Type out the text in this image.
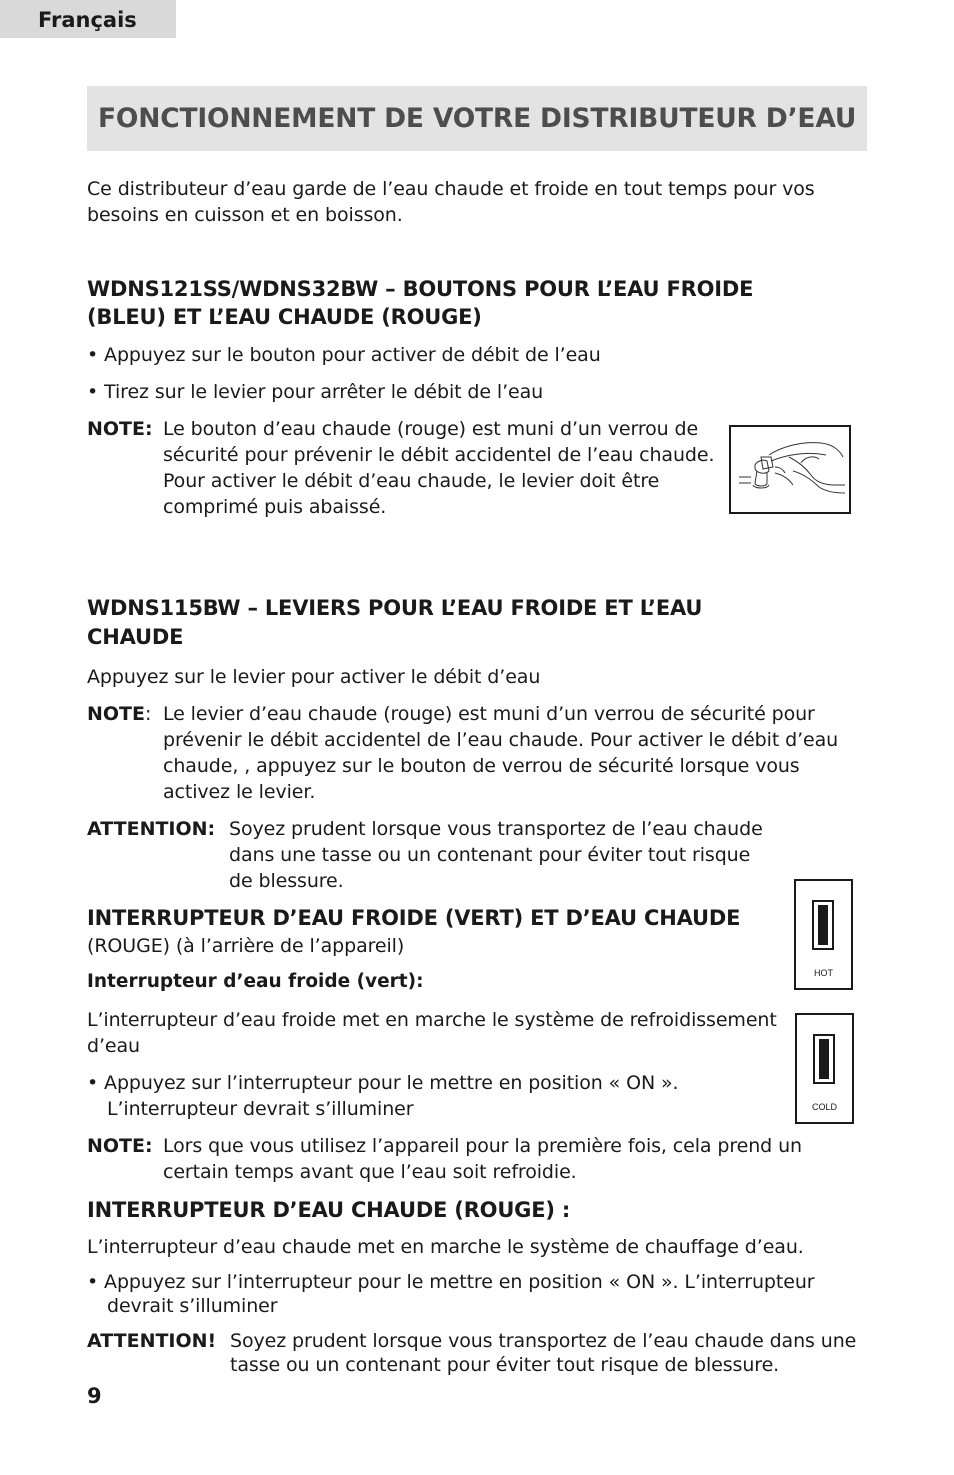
Français
FONCTIONNEMENT DE VOTRE DISTRIBUTEUR D’EAU
Ce distributeur d’eau garde de l’eau chaude et froide en tout temps pour vos
besoins en cuisson et en boisson.
WDNS121SS/WDNS32BW – BOUTONS POUR L’EAU FROIDE
(BLEU) ET L’EAU CHAUDE (ROUGE)
• Appuyez sur le bouton pour activer de débit de l’eau
• Tirez sur le levier pour arrêter le débit de l’eau
NOTE: Le bouton d’eau chaude (rouge) est muni d’un verrou de
sécurité pour prévenir le débit accidentel de l’eau chaude.
Pour activer le débit d’eau chaude, le levier doit être
comprimé puis abaissé.
WDNS115BW – LEVIERS POUR L’EAU FROIDE ET L’EAU
CHAUDE
Appuyez sur le levier pour activer le débit d’eau
NOTE: Le levier d’eau chaude (rouge) est muni d’un verrou de sécurité pour
prévenir le débit accidentel de l’eau chaude. Pour activer le débit d’eau
chaude, , appuyez sur le bouton de verrou de sécurité lorsque vous
activez le levier.
ATTENTION: Soyez prudent lorsque vous transportez de l’eau chaude
dans une tasse ou un contenant pour éviter tout risque
de blessure.
INTERRUPTEUR D’EAU FROIDE (VERT) ET D’EAU CHAUDE
(ROUGE) (à l’arrière de l’appareil)
Interrupteur d’eau froide (vert):
L’interrupteur d’eau froide met en marche le système de refroidissement
d’eau
• Appuyez sur l’interrupteur pour le mettre en position « ON ».
L’interrupteur devrait s’illuminer
NOTE: Lors que vous utilisez l’appareil pour la première fois, cela prend un
certain temps avant que l’eau soit refroidie.
HOT
COLD
INTERRUPTEUR D’EAU CHAUDE (ROUGE) :
L’interrupteur d’eau chaude met en marche le système de chauffage d’eau.
• Appuyez sur l’interrupteur pour le mettre en position « ON ». L’interrupteur
devrait s’illuminer
ATTENTION! Soyez prudent lorsque vous transportez de l’eau chaude dans une
tasse ou un contenant pour éviter tout risque de blessure.
9
